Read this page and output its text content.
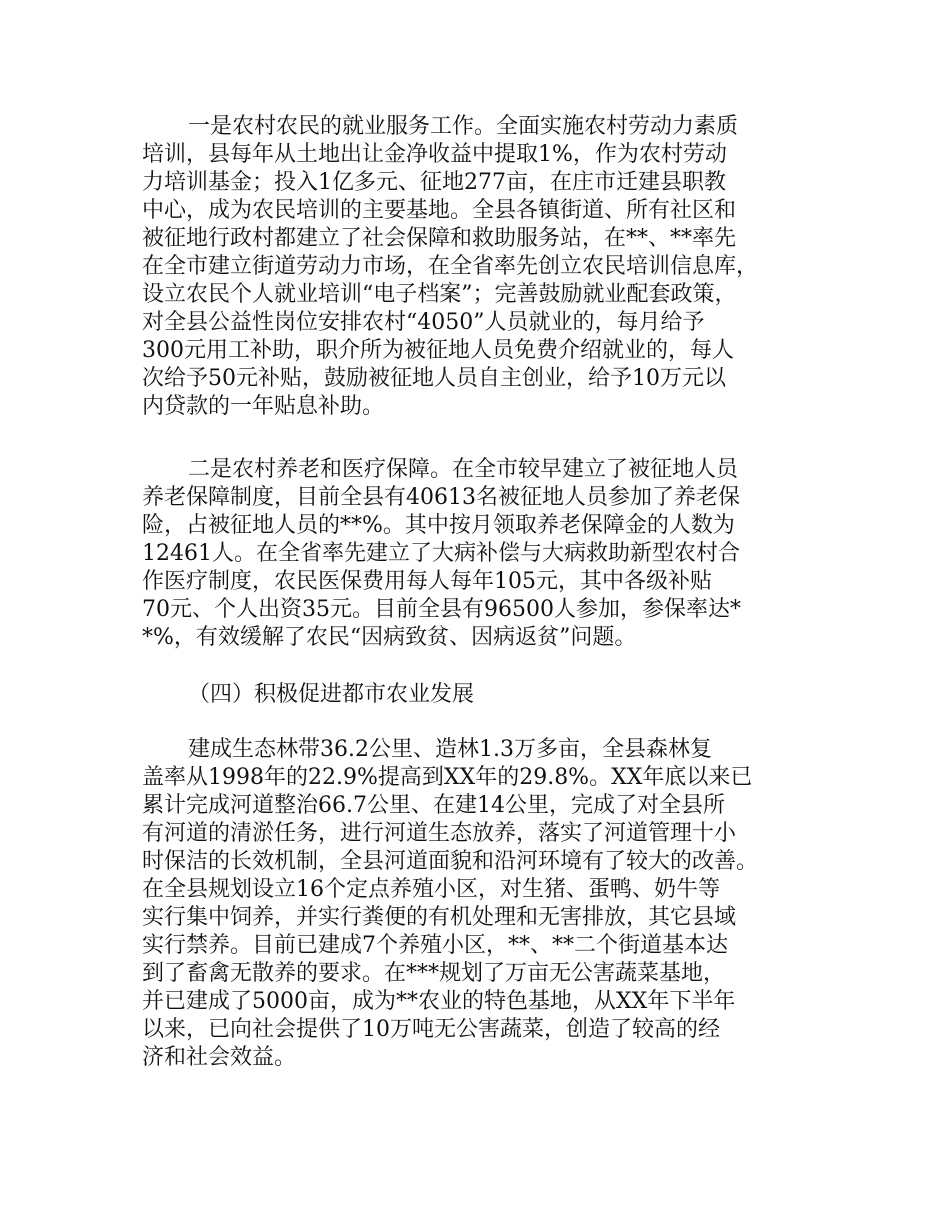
一是农村农民的就业服务工作。全面实施农村劳动力素质
培训，县每年从土地出让金净收益中提取1%，作为农村劳动
力培训基金；投入1亿多元、征地277亩，在庄市迁建县职教
中心，成为农民培训的主要基地。全县各镇街道、所有社区和
被征地行政村都建立了社会保障和救助服务站，在**、**率先
在全市建立街道劳动力市场，在全省率先创立农民培训信息库，
设立农民个人就业培训“电子档案”；完善鼓励就业配套政策，
对全县公益性岗位安排农村“4050”人员就业的，每月给予
300元用工补助，职介所为被征地人员免费介绍就业的，每人
次给予50元补贴，鼓励被征地人员自主创业，给予10万元以
内贷款的一年贴息补助。
二是农村养老和医疗保障。在全市较早建立了被征地人员
养老保障制度，目前全县有40613名被征地人员参加了养老保
险，占被征地人员的**%。其中按月领取养老保障金的人数为
12461人。在全省率先建立了大病补偿与大病救助新型农村合
作医疗制度，农民医保费用每人每年105元，其中各级补贴
70元、个人出资35元。目前全县有96500人参加，参保率达*
*%，有效缓解了农民“因病致贫、因病返贫”问题。
（四）积极促进都市农业发展
建成生态林带36.2公里、造林1.3万多亩，全县森林复
盖率从1998年的22.9%提高到XX年的29.8%。XX年底以来已
累计完成河道整治66.7公里、在建14公里，完成了对全县所
有河道的清淤任务，进行河道生态放养，落实了河道管理十小
时保洁的长效机制，全县河道面貌和沿河环境有了较大的改善。
在全县规划设立16个定点养殖小区，对生猪、蛋鸭、奶牛等
实行集中饲养，并实行粪便的有机处理和无害排放，其它县域
实行禁养。目前已建成7个养殖小区，**、**二个街道基本达
到了畜禽无散养的要求。在***规划了万亩无公害蔬菜基地，
并已建成了5000亩，成为**农业的特色基地，从XX年下半年
以来，已向社会提供了10万吨无公害蔬菜，创造了较高的经
济和社会效益。
